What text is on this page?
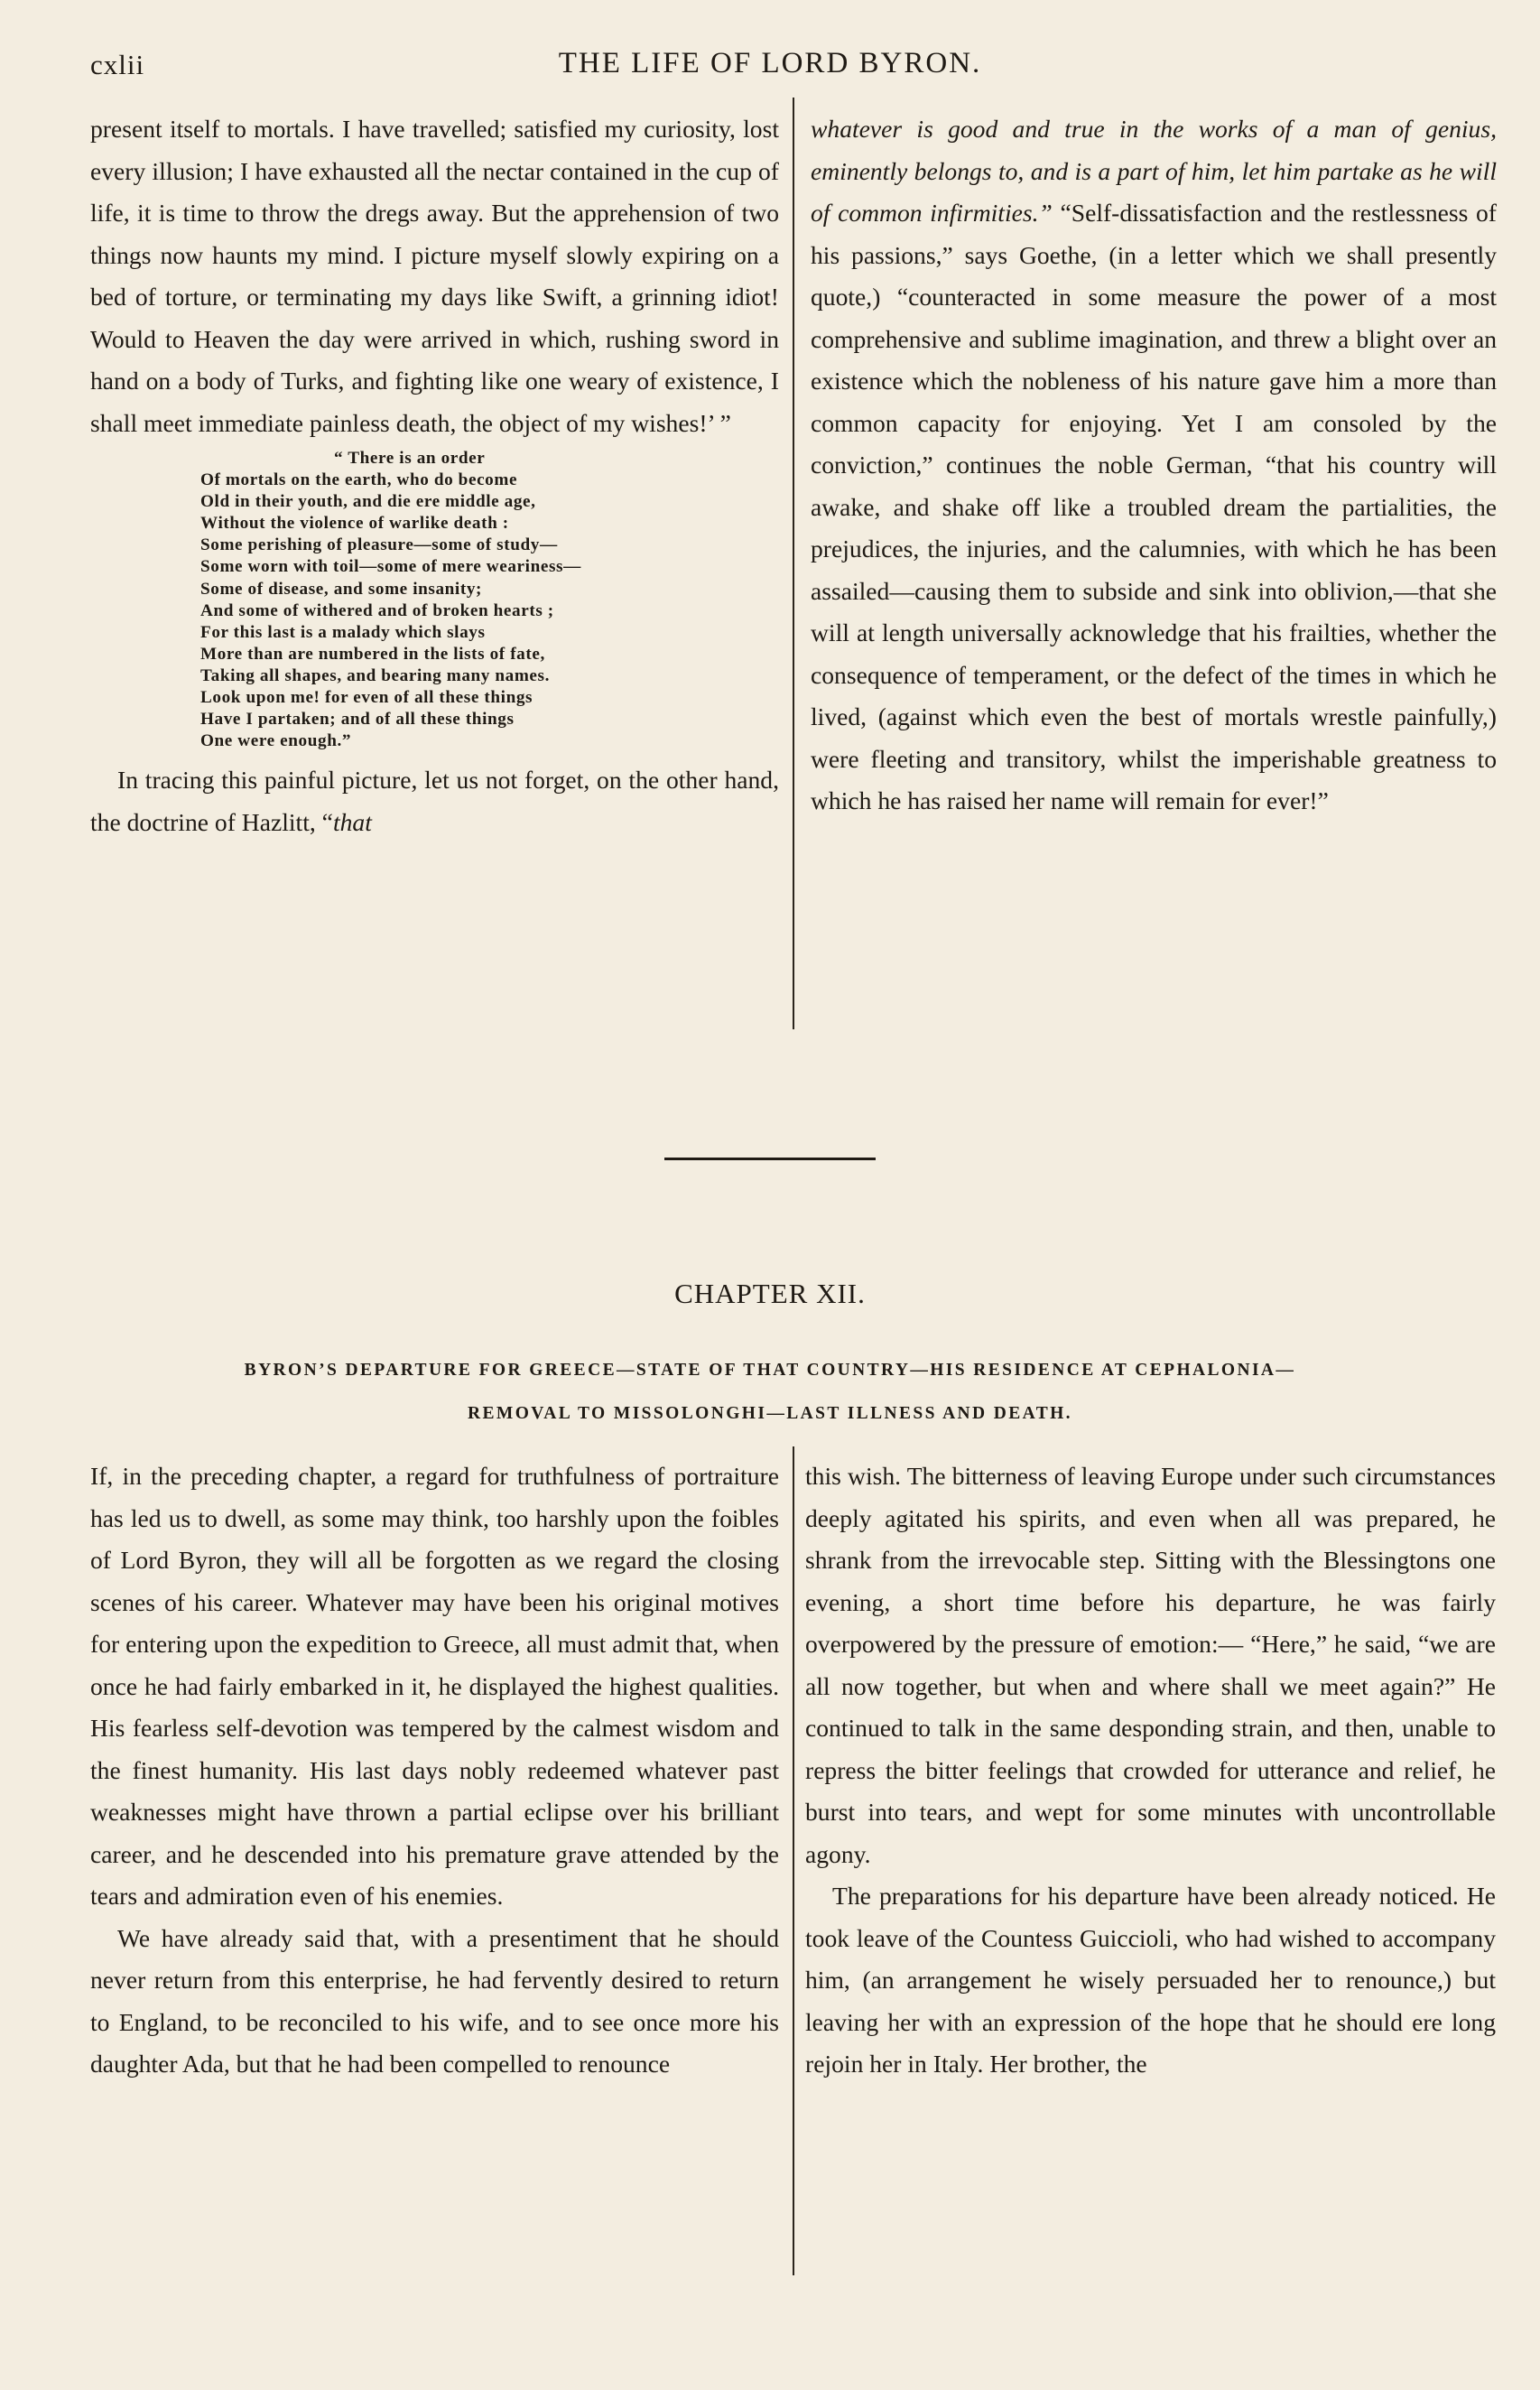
cxlii	THE LIFE OF LORD BYRON.

present itself to mortals. I have travelled; satisfied my curiosity, lost every illusion; I have exhausted all the nectar contained in the cup of life, it is time to throw the dregs away. But the apprehension of two things now haunts my mind. I picture myself slowly expiring on a bed of torture, or terminating my days like Swift, a grinning idiot! Would to Heaven the day were arrived in which, rushing sword in hand on a body of Turks, and fighting like one weary of existence, I shall meet immediate painless death, the object of my wishes!’ ”

“ There is an order
Of mortals on the earth, who do become
Old in their youth, and die ere middle age,
Without the violence of warlike death :
Some perishing of pleasure—some of study—
Some worn with toil—some of mere weariness—
Some of disease, and some insanity;
And some of withered and of broken hearts ;
For this last is a malady which slays
More than are numbered in the lists of fate,
Taking all shapes, and bearing many names.
Look upon me! for even of all these things
Have I partaken; and of all these things
One were enough.”

In tracing this painful picture, let us not forget, on the other hand, the doctrine of Hazlitt, “that

whatever is good and true in the works of a man of genius, eminently belongs to, and is a part of him, let him partake as he will of common infirmities.” “Self-dissatisfaction and the restlessness of his passions,” says Goethe, (in a letter which we shall presently quote,) “counteracted in some measure the power of a most comprehensive and sublime imagination, and threw a blight over an existence which the nobleness of his nature gave him a more than common capacity for enjoying. Yet I am consoled by the conviction,” continues the noble German, “that his country will awake, and shake off like a troubled dream the partialities, the prejudices, the injuries, and the calumnies, with which he has been assailed—causing them to subside and sink into oblivion,—that she will at length universally acknowledge that his frailties, whether the consequence of temperament, or the defect of the times in which he lived, (against which even the best of mortals wrestle painfully,) were fleeting and transitory, whilst the imperishable greatness to which he has raised her name will remain for ever!”

CHAPTER XII.
BYRON’S DEPARTURE FOR GREECE—STATE OF THAT COUNTRY—HIS RESIDENCE AT CEPHALONIA—
REMOVAL TO MISSOLONGHI—LAST ILLNESS AND DEATH.

If, in the preceding chapter, a regard for truthfulness of portraiture has led us to dwell, as some may think, too harshly upon the foibles of Lord Byron, they will all be forgotten as we regard the closing scenes of his career. Whatever may have been his original motives for entering upon the expedition to Greece, all must admit that, when once he had fairly embarked in it, he displayed the highest qualities. His fearless self-devotion was tempered by the calmest wisdom and the finest humanity. His last days nobly redeemed whatever past weaknesses might have thrown a partial eclipse over his brilliant career, and he descended into his premature grave attended by the tears and admiration even of his enemies.

We have already said that, with a presentiment that he should never return from this enterprise, he had fervently desired to return to England, to be reconciled to his wife, and to see once more his daughter Ada, but that he had been compelled to renounce

this wish. The bitterness of leaving Europe under such circumstances deeply agitated his spirits, and even when all was prepared, he shrank from the irrevocable step. Sitting with the Blessingtons one evening, a short time before his departure, he was fairly overpowered by the pressure of emotion:— “Here,” he said, “we are all now together, but when and where shall we meet again?” He continued to talk in the same desponding strain, and then, unable to repress the bitter feelings that crowded for utterance and relief, he burst into tears, and wept for some minutes with uncontrollable agony.

The preparations for his departure have been already noticed. He took leave of the Countess Guiccioli, who had wished to accompany him, (an arrangement he wisely persuaded her to renounce,) but leaving her with an expression of the hope that he should ere long rejoin her in Italy. Her brother, the
